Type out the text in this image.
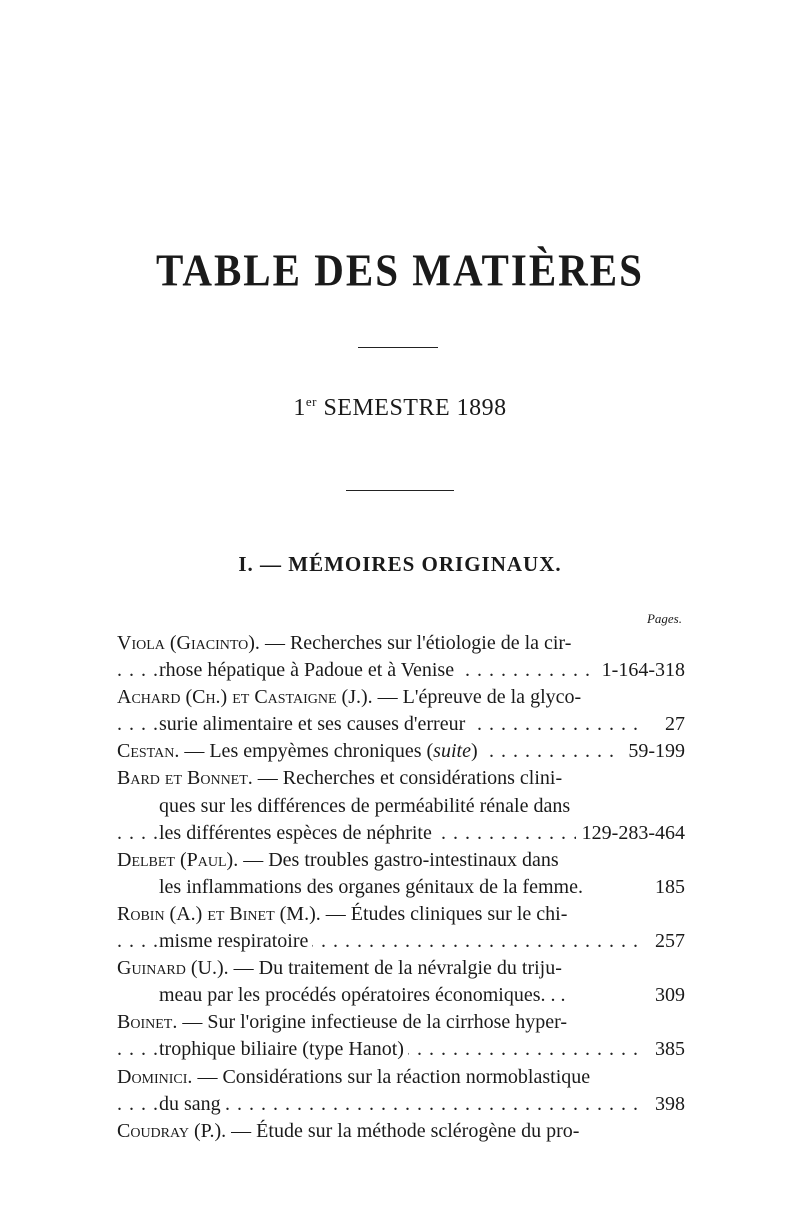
TABLE DES MATIÈRES
1er SEMESTRE 1898
I. — MÉMOIRES ORIGINAUX.
Pages.
Viola (Giacinto). — Recherches sur l'étiologie de la cir-
rhose hépatique à Padoue et à Venise	1-164-318
. . .
Achard (Ch.) et Castaigne (J.). — L'épreuve de la glyco-
surie alimentaire et ses causes d'erreur	27
. . .
Cestan. — Les empyèmes chroniques (suite)	59-199
. . .
Bard et Bonnet. — Recherches et considérations clini-
ques sur les différences de perméabilité rénale dans
les différentes espèces de néphrite	129-283-464
. . .
Delbet (Paul). — Des troubles gastro-intestinaux dans
les inflammations des organes génitaux de la femme.	185
Robin (A.) et Binet (M.). — Études cliniques sur le chi-
misme respiratoire	257
. . .
Guinard (U.). — Du traitement de la névralgie du triju-
meau par les procédés opératoires économiques. . .	309
Boinet. — Sur l'origine infectieuse de la cirrhose hyper-
trophique biliaire (type Hanot)	385
. . .
Dominici. — Considérations sur la réaction normoblastique
du sang	398
. . .
Coudray (P.). — Étude sur la méthode sclérogène du pro-
